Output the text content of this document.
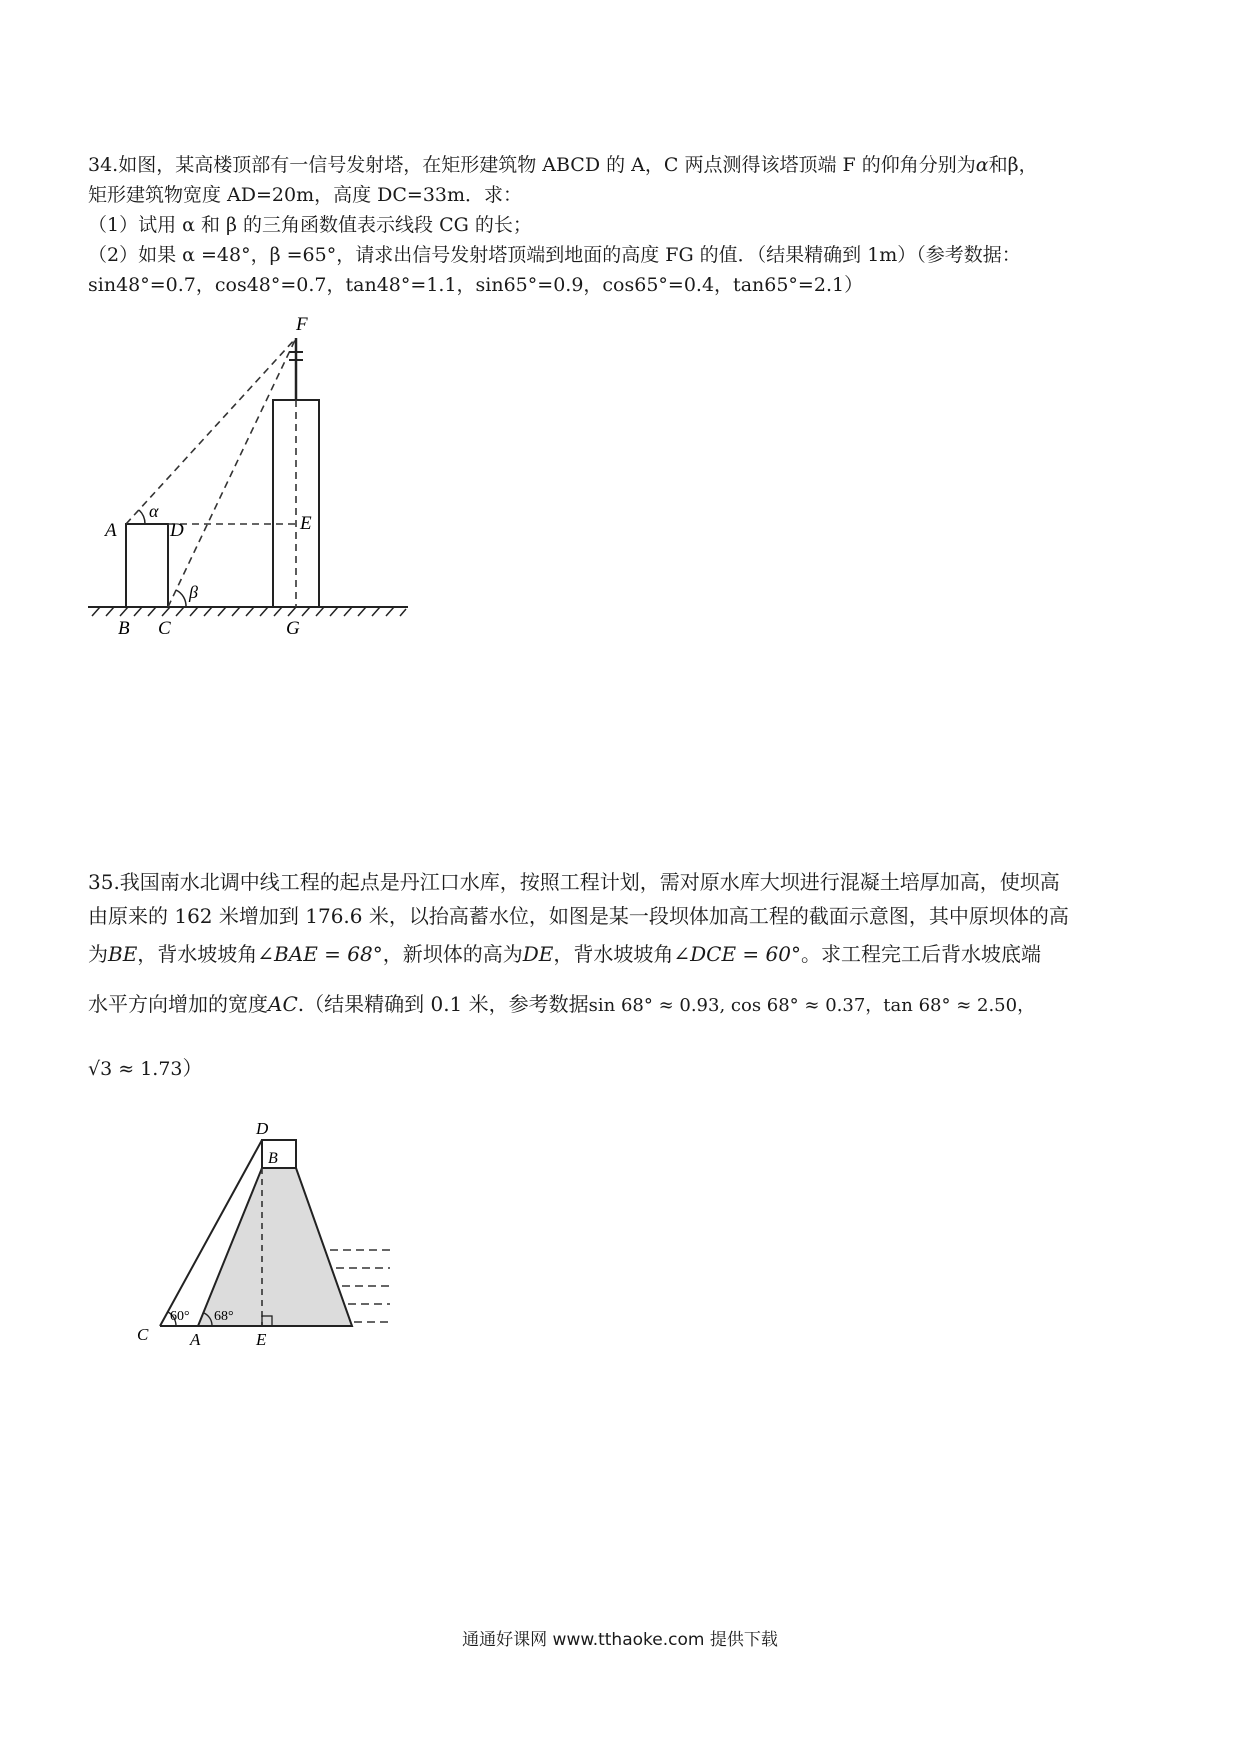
34.如图，某高楼顶部有一信号发射塔，在矩形建筑物 ABCD 的 A，C 两点测得该塔顶端 F 的仰角分别为α和β，
矩形建筑物宽度 AD=20m，高度 DC=33m．求：
（1）试用 α 和 β 的三角函数值表示线段 CG 的长；
（2）如果 α =48°，β =65°，请求出信号发射塔顶端到地面的高度 FG 的值．（结果精确到 1m）（参考数据：
sin48°=0.7，cos48°=0.7，tan48°=1.1，sin65°=0.9，cos65°=0.4，tan65°=2.1）
F
A
α
D	E
β
B C	G
35.我国南水北调中线工程的起点是丹江口水库，按照工程计划，需对原水库大坝进行混凝土培厚加高，使坝高
由原来的 162 米增加到 176.6 米，以抬高蓄水位，如图是某一段坝体加高工程的截面示意图，其中原坝体的高
为BE，背水坡坡角∠BAE = 68°，新坝体的高为DE，背水坡坡角∠DCE = 60°。求工程完工后背水坡底端
水平方向增加的宽度AC.（结果精确到 0.1 米，参考数据sin 68° ≈ 0.93, cos 68° ≈ 0.37，tan 68° ≈ 2.50，
√3 ≈ 1.73）
D
B
C A	E
60° 68°
通通好课网 www.tthaoke.com 提供下载
